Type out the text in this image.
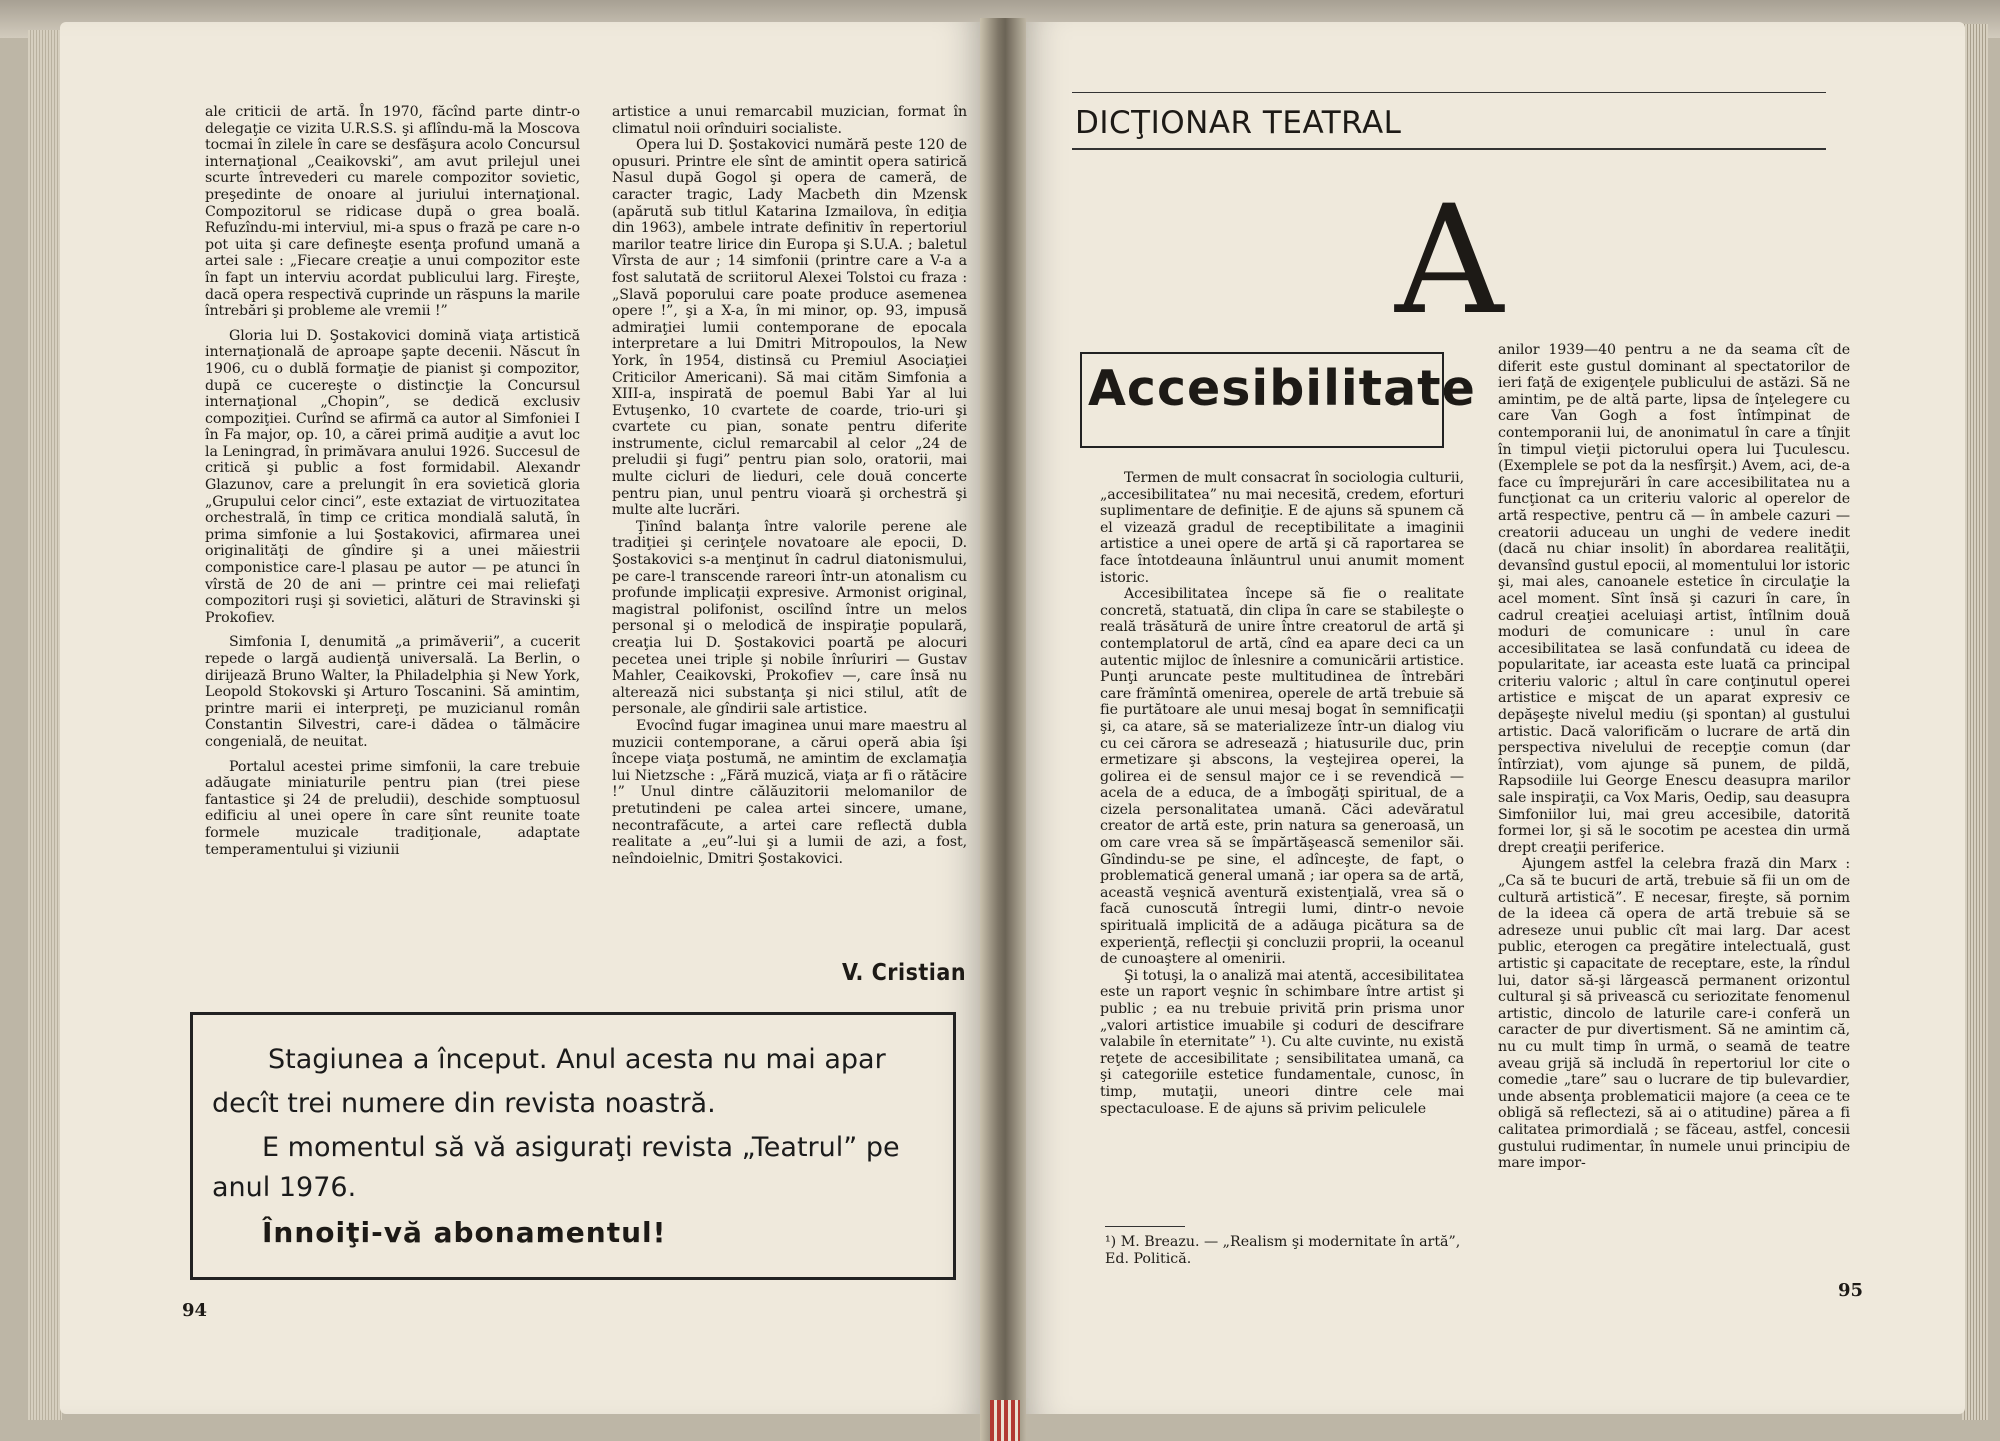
ale criticii de artă. În 1970, făcînd parte dintr-o delegaţie ce vizita U.R.S.S. şi aflîndu-mă la Moscova tocmai în zilele în care se desfăşura acolo Concursul internaţional „Ceaikovski”, am avut prilejul unei scurte întrevederi cu marele compozitor sovietic, preşedinte de onoare al juriului internaţional. Compozitorul se ridicase după o grea boală. Refuzîndu-mi interviul, mi-a spus o frază pe care n-o pot uita şi care defineşte esenţa profund umană a artei sale : „Fiecare creaţie a unui compozitor este în fapt un interviu acordat publicului larg. Fireşte, dacă opera respectivă cuprinde un răspuns la marile întrebări şi probleme ale vremii !”

Gloria lui D. Şostakovici domină viaţa artistică internaţională de aproape şapte decenii. Născut în 1906, cu o dublă formaţie de pianist şi compozitor, după ce cucereşte o distincţie la Concursul internaţional „Chopin”, se dedică exclusiv compoziţiei. Curînd se afirmă ca autor al Simfoniei I în Fa major, op. 10, a cărei primă audiţie a avut loc la Leningrad, în primăvara anului 1926. Succesul de critică şi public a fost formidabil. Alexandr Glazunov, care a prelungit în era sovietică gloria „Grupului celor cinci”, este extaziat de virtuozitatea orchestrală, în timp ce critica mondială salută, în prima simfonie a lui Şostakovici, afirmarea unei originalităţi de gîndire şi a unei măiestrii componistice care-l plasau pe autor — pe atunci în vîrstă de 20 de ani — printre cei mai reliefaţi compozitori ruşi şi sovietici, alături de Stravinski şi Prokofiev.

Simfonia I, denumită „a primăverii”, a cucerit repede o largă audienţă universală. La Berlin, o dirijează Bruno Walter, la Philadelphia şi New York, Leopold Stokovski şi Arturo Toscanini. Să amintim, printre marii ei interpreţi, pe muzicianul român Constantin Silvestri, care-i dădea o tălmăcire congenială, de neuitat.

Portalul acestei prime simfonii, la care trebuie adăugate miniaturile pentru pian (trei piese fantastice şi 24 de preludii), deschide somptuosul edificiu al unei opere în care sînt reunite toate formele muzicale tradiţionale, adaptate temperamentului şi viziunii

artistice a unui remarcabil muzician, format în climatul noii orînduiri socialiste.

Opera lui D. Şostakovici numără peste 120 de opusuri. Printre ele sînt de amintit opera satirică Nasul după Gogol şi opera de cameră, de caracter tragic, Lady Macbeth din Mzensk (apărută sub titlul Katarina Izmailova, în ediţia din 1963), ambele intrate definitiv în repertoriul marilor teatre lirice din Europa şi S.U.A. ; baletul Vîrsta de aur ; 14 simfonii (printre care a V-a a fost salutată de scriitorul Alexei Tolstoi cu fraza : „Slavă poporului care poate produce asemenea opere !”, şi a X-a, în mi minor, op. 93, impusă admiraţiei lumii contemporane de epocala interpretare a lui Dmitri Mitropoulos, la New York, în 1954, distinsă cu Premiul Asociaţiei Criticilor Americani). Să mai cităm Simfonia a XIII-a, inspirată de poemul Babi Yar al lui Evtuşenko, 10 cvartete de coarde, trio-uri şi cvartete cu pian, sonate pentru diferite instrumente, ciclul remarcabil al celor „24 de preludii şi fugi” pentru pian solo, oratorii, mai multe cicluri de lieduri, cele două concerte pentru pian, unul pentru vioară şi orchestră şi multe alte lucrări.

Ţinînd balanţa între valorile perene ale tradiţiei şi cerinţele novatoare ale epocii, D. Şostakovici s-a menţinut în cadrul diatonismului, pe care-l transcende rareori într-un atonalism cu profunde implicaţii expresive. Armonist original, magistral polifonist, oscilînd între un melos personal şi o melodică de inspiraţie populară, creaţia lui D. Şostakovici poartă pe alocuri pecetea unei triple şi nobile înrîuriri — Gustav Mahler, Ceaikovski, Prokofiev —, care însă nu alterează nici substanţa şi nici stilul, atît de personale, ale gîndirii sale artistice.

Evocînd fugar imaginea unui mare maestru al muzicii contemporane, a cărui operă abia îşi începe viaţa postumă, ne amintim de exclamaţia lui Nietzsche : „Fără muzică, viaţa ar fi o rătăcire !” Unul dintre călăuzitorii melomanilor de pretutindeni pe calea artei sincere, umane, necontrafăcute, a artei care reflectă dubla realitate a „eu”-lui şi a lumii de azi, a fost, neîndoielnic, Dmitri Şostakovici.

V. Cristian
Stagiunea a început. Anul acesta nu mai apar
decît trei numere din revista noastră.
E momentul să vă asiguraţi revista „Teatrul” pe
anul 1976.
Înnoiţi-vă abonamentul!
94
DICŢIONAR TEATRAL
A
Accesibilitate

Termen de mult consacrat în sociologia culturii, „accesibilitatea” nu mai necesită, credem, eforturi suplimentare de definiţie. E de ajuns să spunem că el vizează gradul de receptibilitate a imaginii artistice a unei opere de artă şi că raportarea se face întotdeauna înlăuntrul unui anumit moment istoric.

Accesibilitatea începe să fie o realitate concretă, statuată, din clipa în care se stabileşte o reală trăsătură de unire între creatorul de artă şi contemplatorul de artă, cînd ea apare deci ca un autentic mijloc de înlesnire a comunicării artistice. Punţi aruncate peste multitudinea de întrebări care frămîntă omenirea, operele de artă trebuie să fie purtătoare ale unui mesaj bogat în semnificaţii şi, ca atare, să se materializeze într-un dialog viu cu cei cărora se adresează ; hiatusurile duc, prin ermetizare şi abscons, la veştejirea operei, la golirea ei de sensul major ce i se revendică — acela de a educa, de a îmbogăţi spiritual, de a cizela personalitatea umană. Căci adevăratul creator de artă este, prin natura sa generoasă, un om care vrea să se împărtăşească semenilor săi. Gîndindu-se pe sine, el adînceşte, de fapt, o problematică general umană ; iar opera sa de artă, această veşnică aventură existenţială, vrea să o facă cunoscută întregii lumi, dintr-o nevoie spirituală implicită de a adăuga picătura sa de experienţă, reflecţii şi concluzii proprii, la oceanul de cunoaştere al omenirii.

Şi totuşi, la o analiză mai atentă, accesibilitatea este un raport veşnic în schimbare între artist şi public ; ea nu trebuie privită prin prisma unor „valori artistice imuabile şi coduri de descifrare valabile în eternitate” ¹). Cu alte cuvinte, nu există reţete de accesibilitate ; sensibilitatea umană, ca şi categoriile estetice fundamentale, cunosc, în timp, mutaţii, uneori dintre cele mai spectaculoase. E de ajuns să privim peliculele

¹) M. Breazu. — „Realism şi modernitate în artă”, Ed. Politică.

anilor 1939—40 pentru a ne da seama cît de diferit este gustul dominant al spectatorilor de ieri faţă de exigenţele publicului de astăzi. Să ne amintim, pe de altă parte, lipsa de înţelegere cu care Van Gogh a fost întîmpinat de contemporanii lui, de anonimatul în care a tînjit în timpul vieţii pictorului opera lui Ţuculescu. (Exemplele se pot da la nesfîrşit.) Avem, aci, de-a face cu împrejurări în care accesibilitatea nu a funcţionat ca un criteriu valoric al operelor de artă respective, pentru că — în ambele cazuri — creatorii aduceau un unghi de vedere inedit (dacă nu chiar insolit) în abordarea realităţii, devansînd gustul epocii, al momentului lor istoric şi, mai ales, canoanele estetice în circulaţie la acel moment. Sînt însă şi cazuri în care, în cadrul creaţiei aceluiaşi artist, întîlnim două moduri de comunicare : unul în care accesibilitatea se lasă confundată cu ideea de popularitate, iar aceasta este luată ca principal criteriu valoric ; altul în care conţinutul operei artistice e mişcat de un aparat expresiv ce depăşeşte nivelul mediu (şi spontan) al gustului artistic. Dacă valorificăm o lucrare de artă din perspectiva nivelului de recepţie comun (dar întîrziat), vom ajunge să punem, de pildă, Rapsodiile lui George Enescu deasupra marilor sale inspiraţii, ca Vox Maris, Oedip, sau deasupra Simfoniilor lui, mai greu accesibile, datorită formei lor, şi să le socotim pe acestea din urmă drept creaţii periferice.

Ajungem astfel la celebra frază din Marx : „Ca să te bucuri de artă, trebuie să fii un om de cultură artistică”. E necesar, fireşte, să pornim de la ideea că opera de artă trebuie să se adreseze unui public cît mai larg. Dar acest public, eterogen ca pregătire intelectuală, gust artistic şi capacitate de receptare, este, la rîndul lui, dator să-şi lărgească permanent orizontul cultural şi să privească cu seriozitate fenomenul artistic, dincolo de laturile care-i conferă un caracter de pur divertisment. Să ne amintim că, nu cu mult timp în urmă, o seamă de teatre aveau grijă să includă în repertoriul lor cite o comedie „tare” sau o lucrare de tip bulevardier, unde absenţa problematicii majore (a ceea ce te obligă să reflectezi, să ai o atitudine) părea a fi calitatea primordială ; se făceau, astfel, concesii gustului rudimentar, în numele unui principiu de mare impor-

95
